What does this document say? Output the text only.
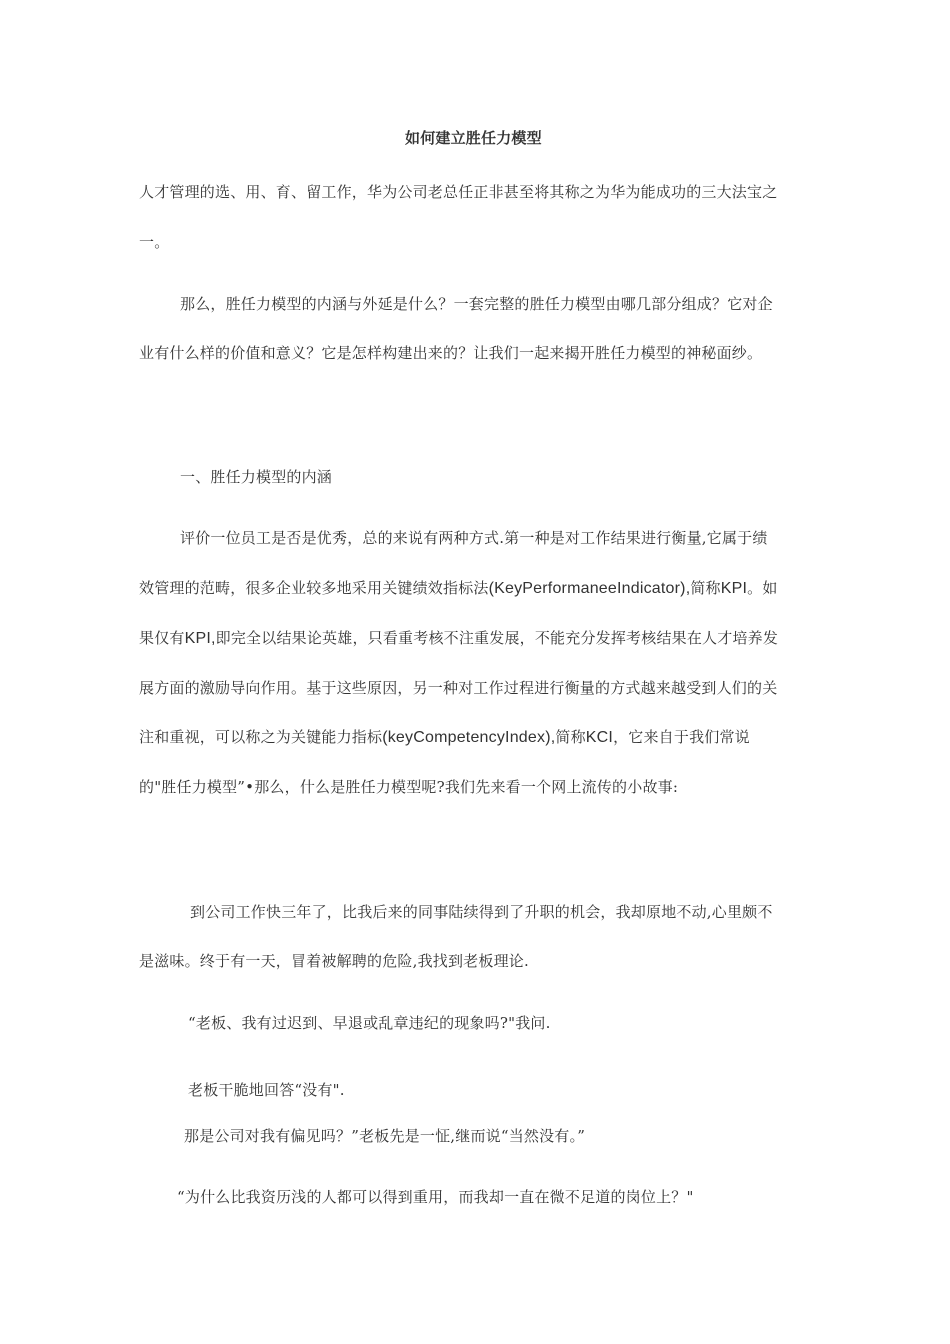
如何建立胜任力模型
人才管理的选、用、育、留工作，华为公司老总任正非甚至将其称之为华为能成功的三大法宝之
一。
那么，胜任力模型的内涵与外延是什么？一套完整的胜任力模型由哪几部分组成？它对企
业有什么样的价值和意义？它是怎样构建出来的？让我们一起来揭开胜任力模型的神秘面纱。
一、胜任力模型的内涵
评价一位员工是否是优秀，总的来说有两种方式.第一种是对工作结果进行衡量,它属于绩
效管理的范畴，很多企业较多地采用关键绩效指标法(KeyPerformaneeIndicator),简称KPI。如
果仅有KPI,即完全以结果论英雄，只看重考核不注重发展，不能充分发挥考核结果在人才培养发
展方面的激励导向作用。基于这些原因，另一种对工作过程进行衡量的方式越来越受到人们的关
注和重视，可以称之为关键能力指标(keyCompetencyIndex),简称KCI，它来自于我们常说
的"胜任力模型”•那么，什么是胜任力模型呢?我们先来看一个网上流传的小故事:
到公司工作快三年了，比我后来的同事陆续得到了升职的机会，我却原地不动,心里颇不
是滋味。终于有一天，冒着被解聘的危险,我找到老板理论.
“老板、我有过迟到、早退或乱章违纪的现象吗?"我问.
老板干脆地回答“没有".
那是公司对我有偏见吗？”老板先是一怔,继而说“当然没有。”
“为什么比我资历浅的人都可以得到重用，而我却一直在微不足道的岗位上？"
